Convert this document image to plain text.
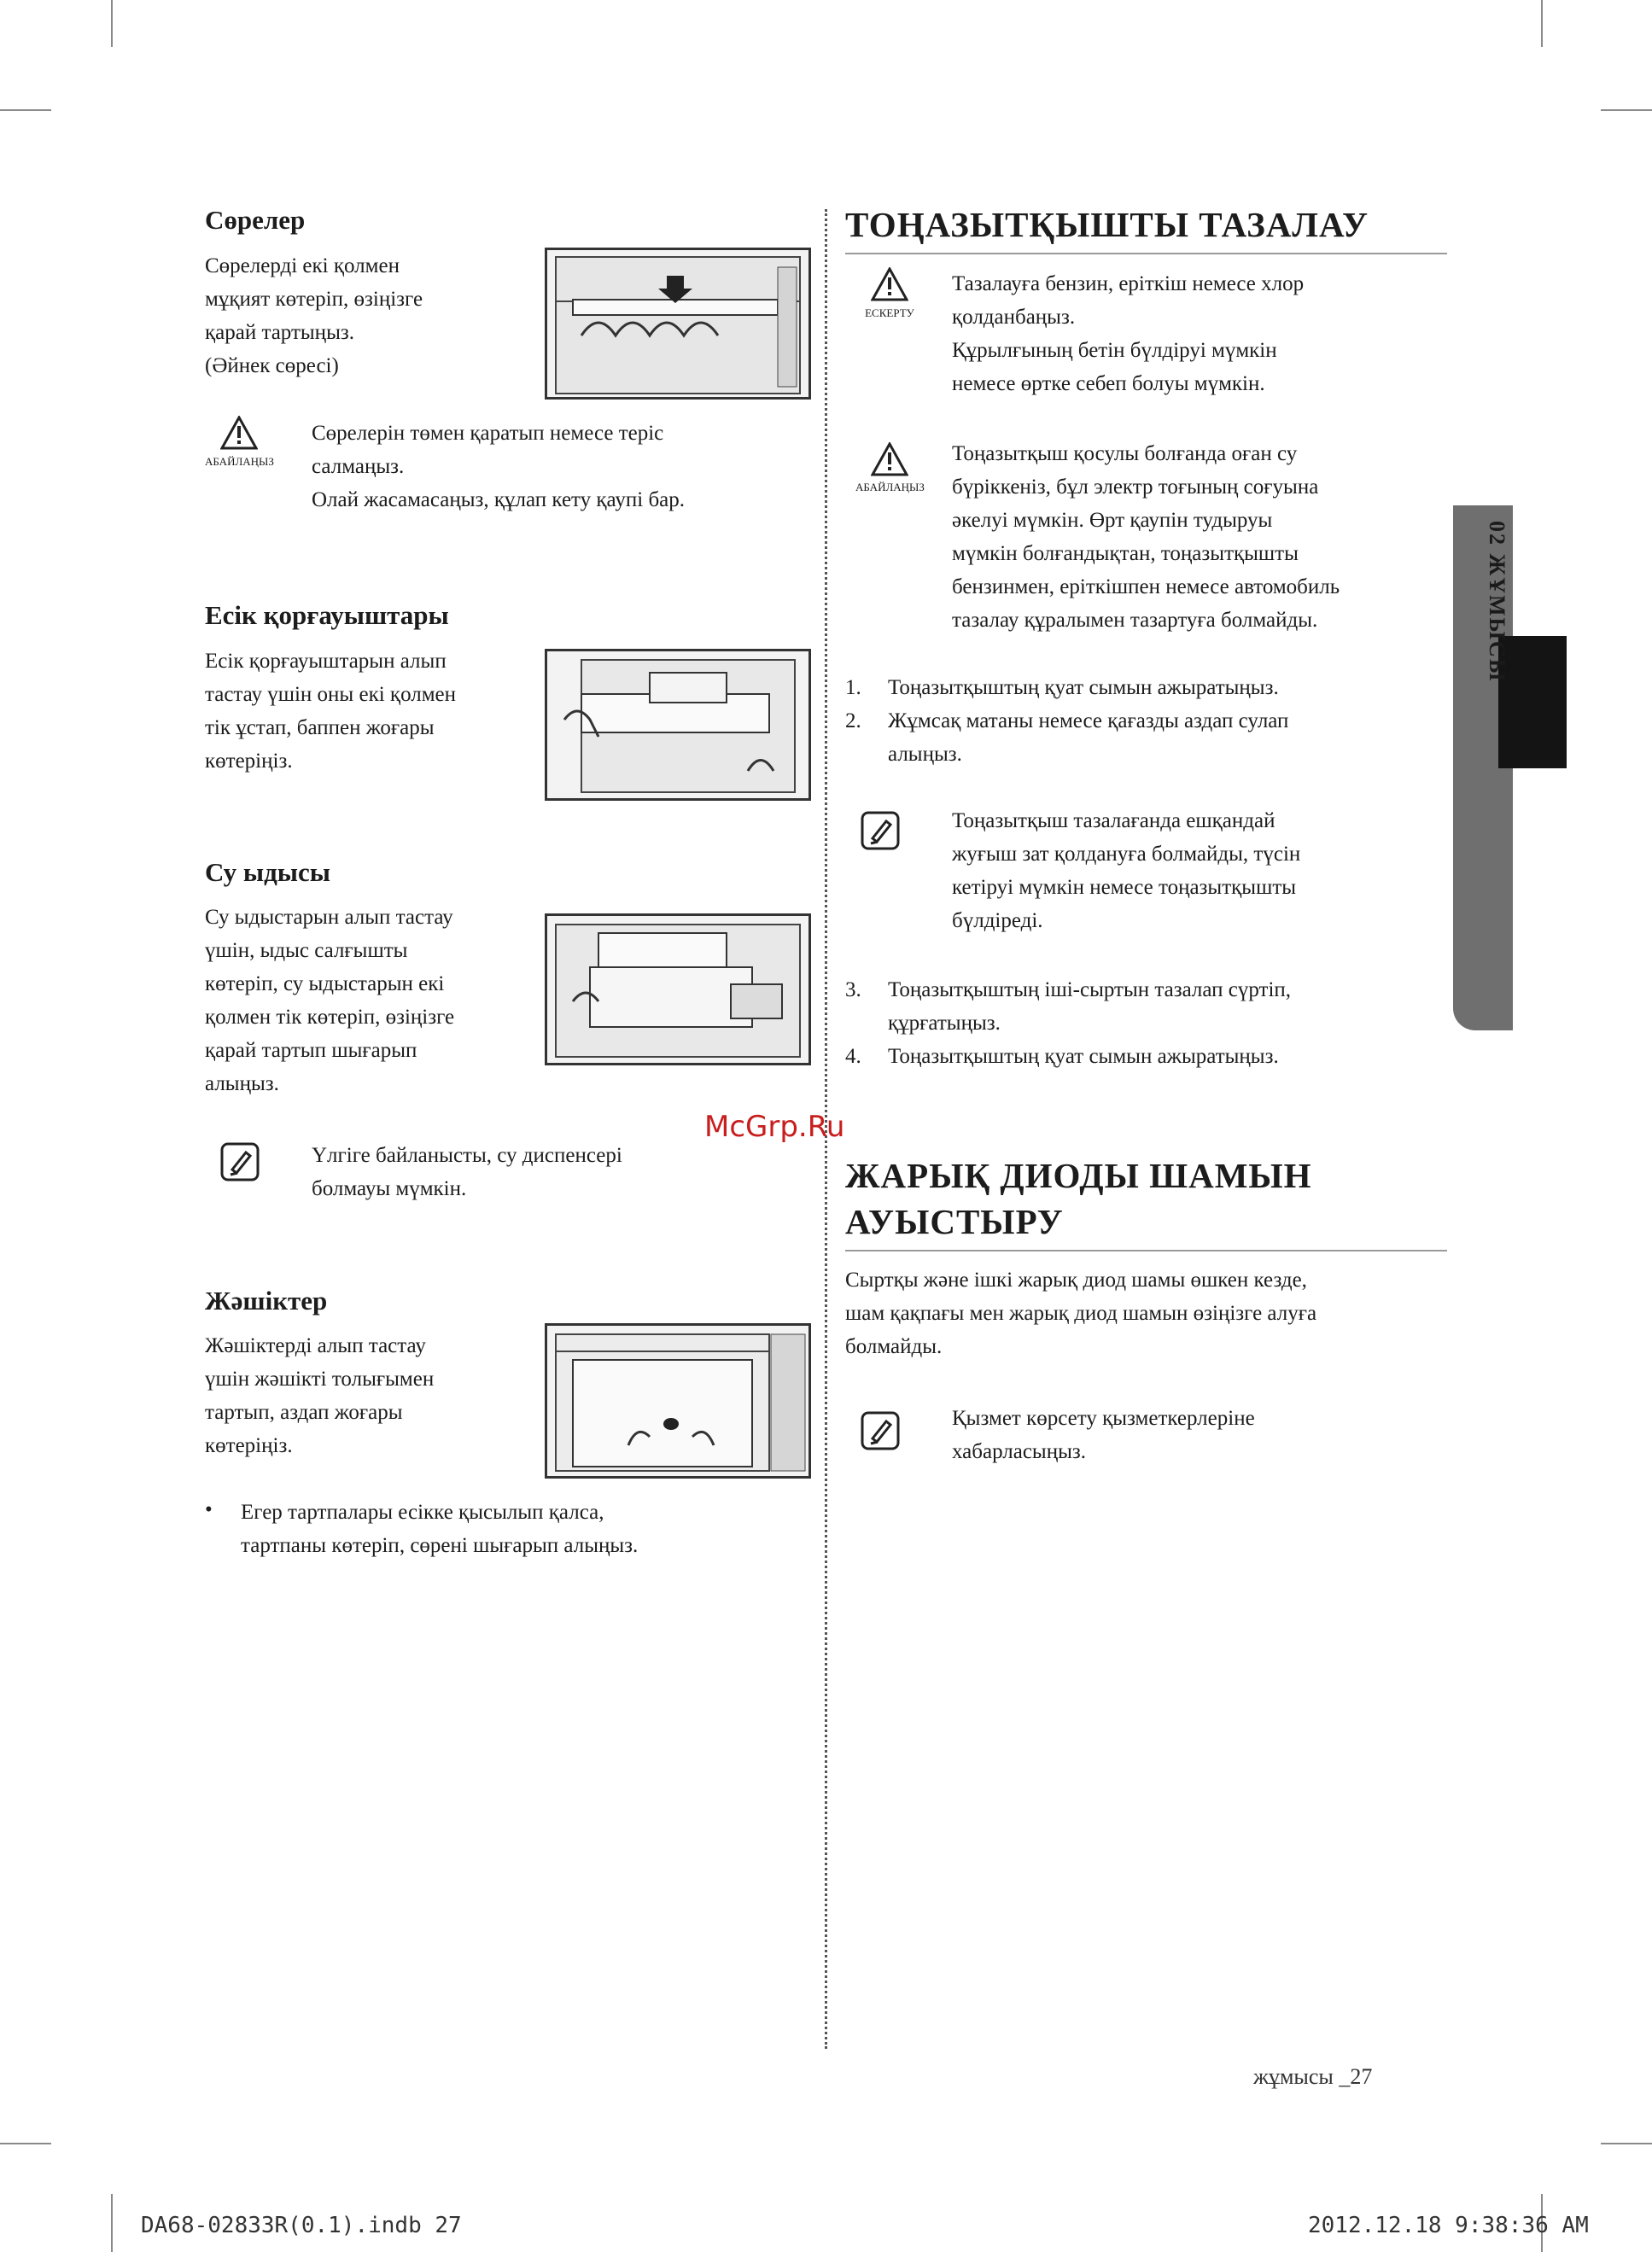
Сөрелер
Сөрелерді екі қолмен
мұқият көтеріп, өзіңізге
қарай тартыңыз.
(Әйнек сөресі)
АБАЙЛАҢЫЗ
Сөрелерін төмен қаратып немесе теріс
салмаңыз.
Олай жасамасаңыз, құлап кету қаупі бар.
Есік қорғауыштары
Есік қорғауыштарын алып
тастау үшін оны екі қолмен
тік ұстап, баппен жоғары
көтеріңіз.
Су ыдысы
Су ыдыстарын алып тастау
үшін, ыдыс салғышты
көтеріп, су ыдыстарын екі
қолмен тік көтеріп, өзіңізге
қарай тартып шығарып
алыңыз.
Үлгіге байланысты, су диспенсері
болмауы мүмкін.
Жәшіктер
Жәшіктерді алып тастау
үшін жәшікті толығымен
тартып, аздап жоғары
көтеріңіз.
• Егер тартпалары есікке қысылып қалса,
тартпаны көтеріп, сөрені шығарып алыңыз.
ТОҢАЗЫТҚЫШТЫ ТАЗАЛАУ
ЕСКЕРТУ
Тазалауға бензин, еріткіш немесе хлор
қолданбаңыз.
Құрылғының бетін бүлдіруі мүмкін
немесе өртке себеп болуы мүмкін.
АБАЙЛАҢЫЗ
Тоңазытқыш қосулы болғанда оған су
бүріккеніз, бұл электр тоғының соғуына
әкелуі мүмкін. Өрт қаупін тудыруы
мүмкін болғандықтан, тоңазытқышты
бензинмен, еріткішпен немесе автомобиль
тазалау құралымен тазартуға болмайды.
1. Тоңазытқыштың қуат сымын ажыратыңыз.
2. Жұмсақ матаны немесе қағазды аздап сулап
алыңыз.
Тоңазытқыш тазалағанда ешқандай
жуғыш зат қолдануға болмайды, түсін
кетіруі мүмкін немесе тоңазытқышты
бүлдіреді.
3. Тоңазытқыштың іші-сыртын тазалап сүртіп,
құрғатыңыз.
4. Тоңазытқыштың қуат сымын ажыратыңыз.
ЖАРЫҚ ДИОДЫ ШАМЫН
АУЫСТЫРУ
Сыртқы және ішкі жарық диод шамы өшкен кезде,
шам қақпағы мен жарық диод шамын өзіңізге алуға
болмайды.
Қызмет көрсету қызметкерлеріне
хабарласыңыз.
02 ЖҰМЫСЫ
McGrp.Ru
жұмысы _27
DA68-02833R(0.1).indb 27	2012.12.18 9:38:36 AM
